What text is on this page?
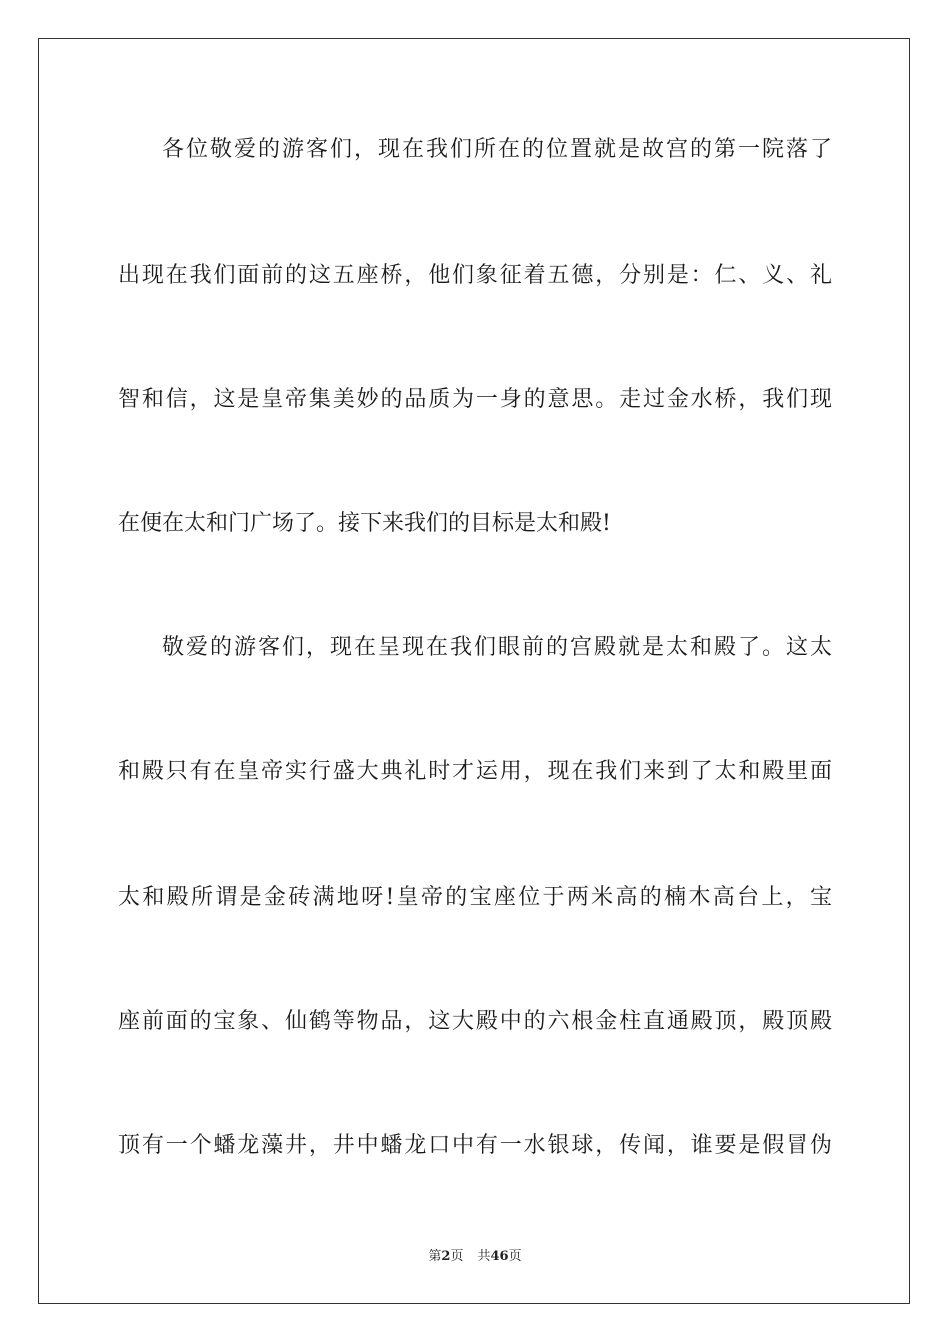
各位敬爱的游客们，现在我们所在的位置就是故宫的第一院落了
出现在我们面前的这五座桥，他们象征着五德，分别是：仁、义、礼
智和信，这是皇帝集美妙的品质为一身的意思。走过金水桥，我们现
在便在太和门广场了。接下来我们的目标是太和殿!
敬爱的游客们，现在呈现在我们眼前的宫殿就是太和殿了。这太
和殿只有在皇帝实行盛大典礼时才运用，现在我们来到了太和殿里面
太和殿所谓是金砖满地呀!皇帝的宝座位于两米高的楠木高台上，宝
座前面的宝象、仙鹤等物品，这大殿中的六根金柱直通殿顶，殿顶殿
顶有一个蟠龙藻井，井中蟠龙口中有一水银球，传闻，谁要是假冒伪
第2页 共46页
